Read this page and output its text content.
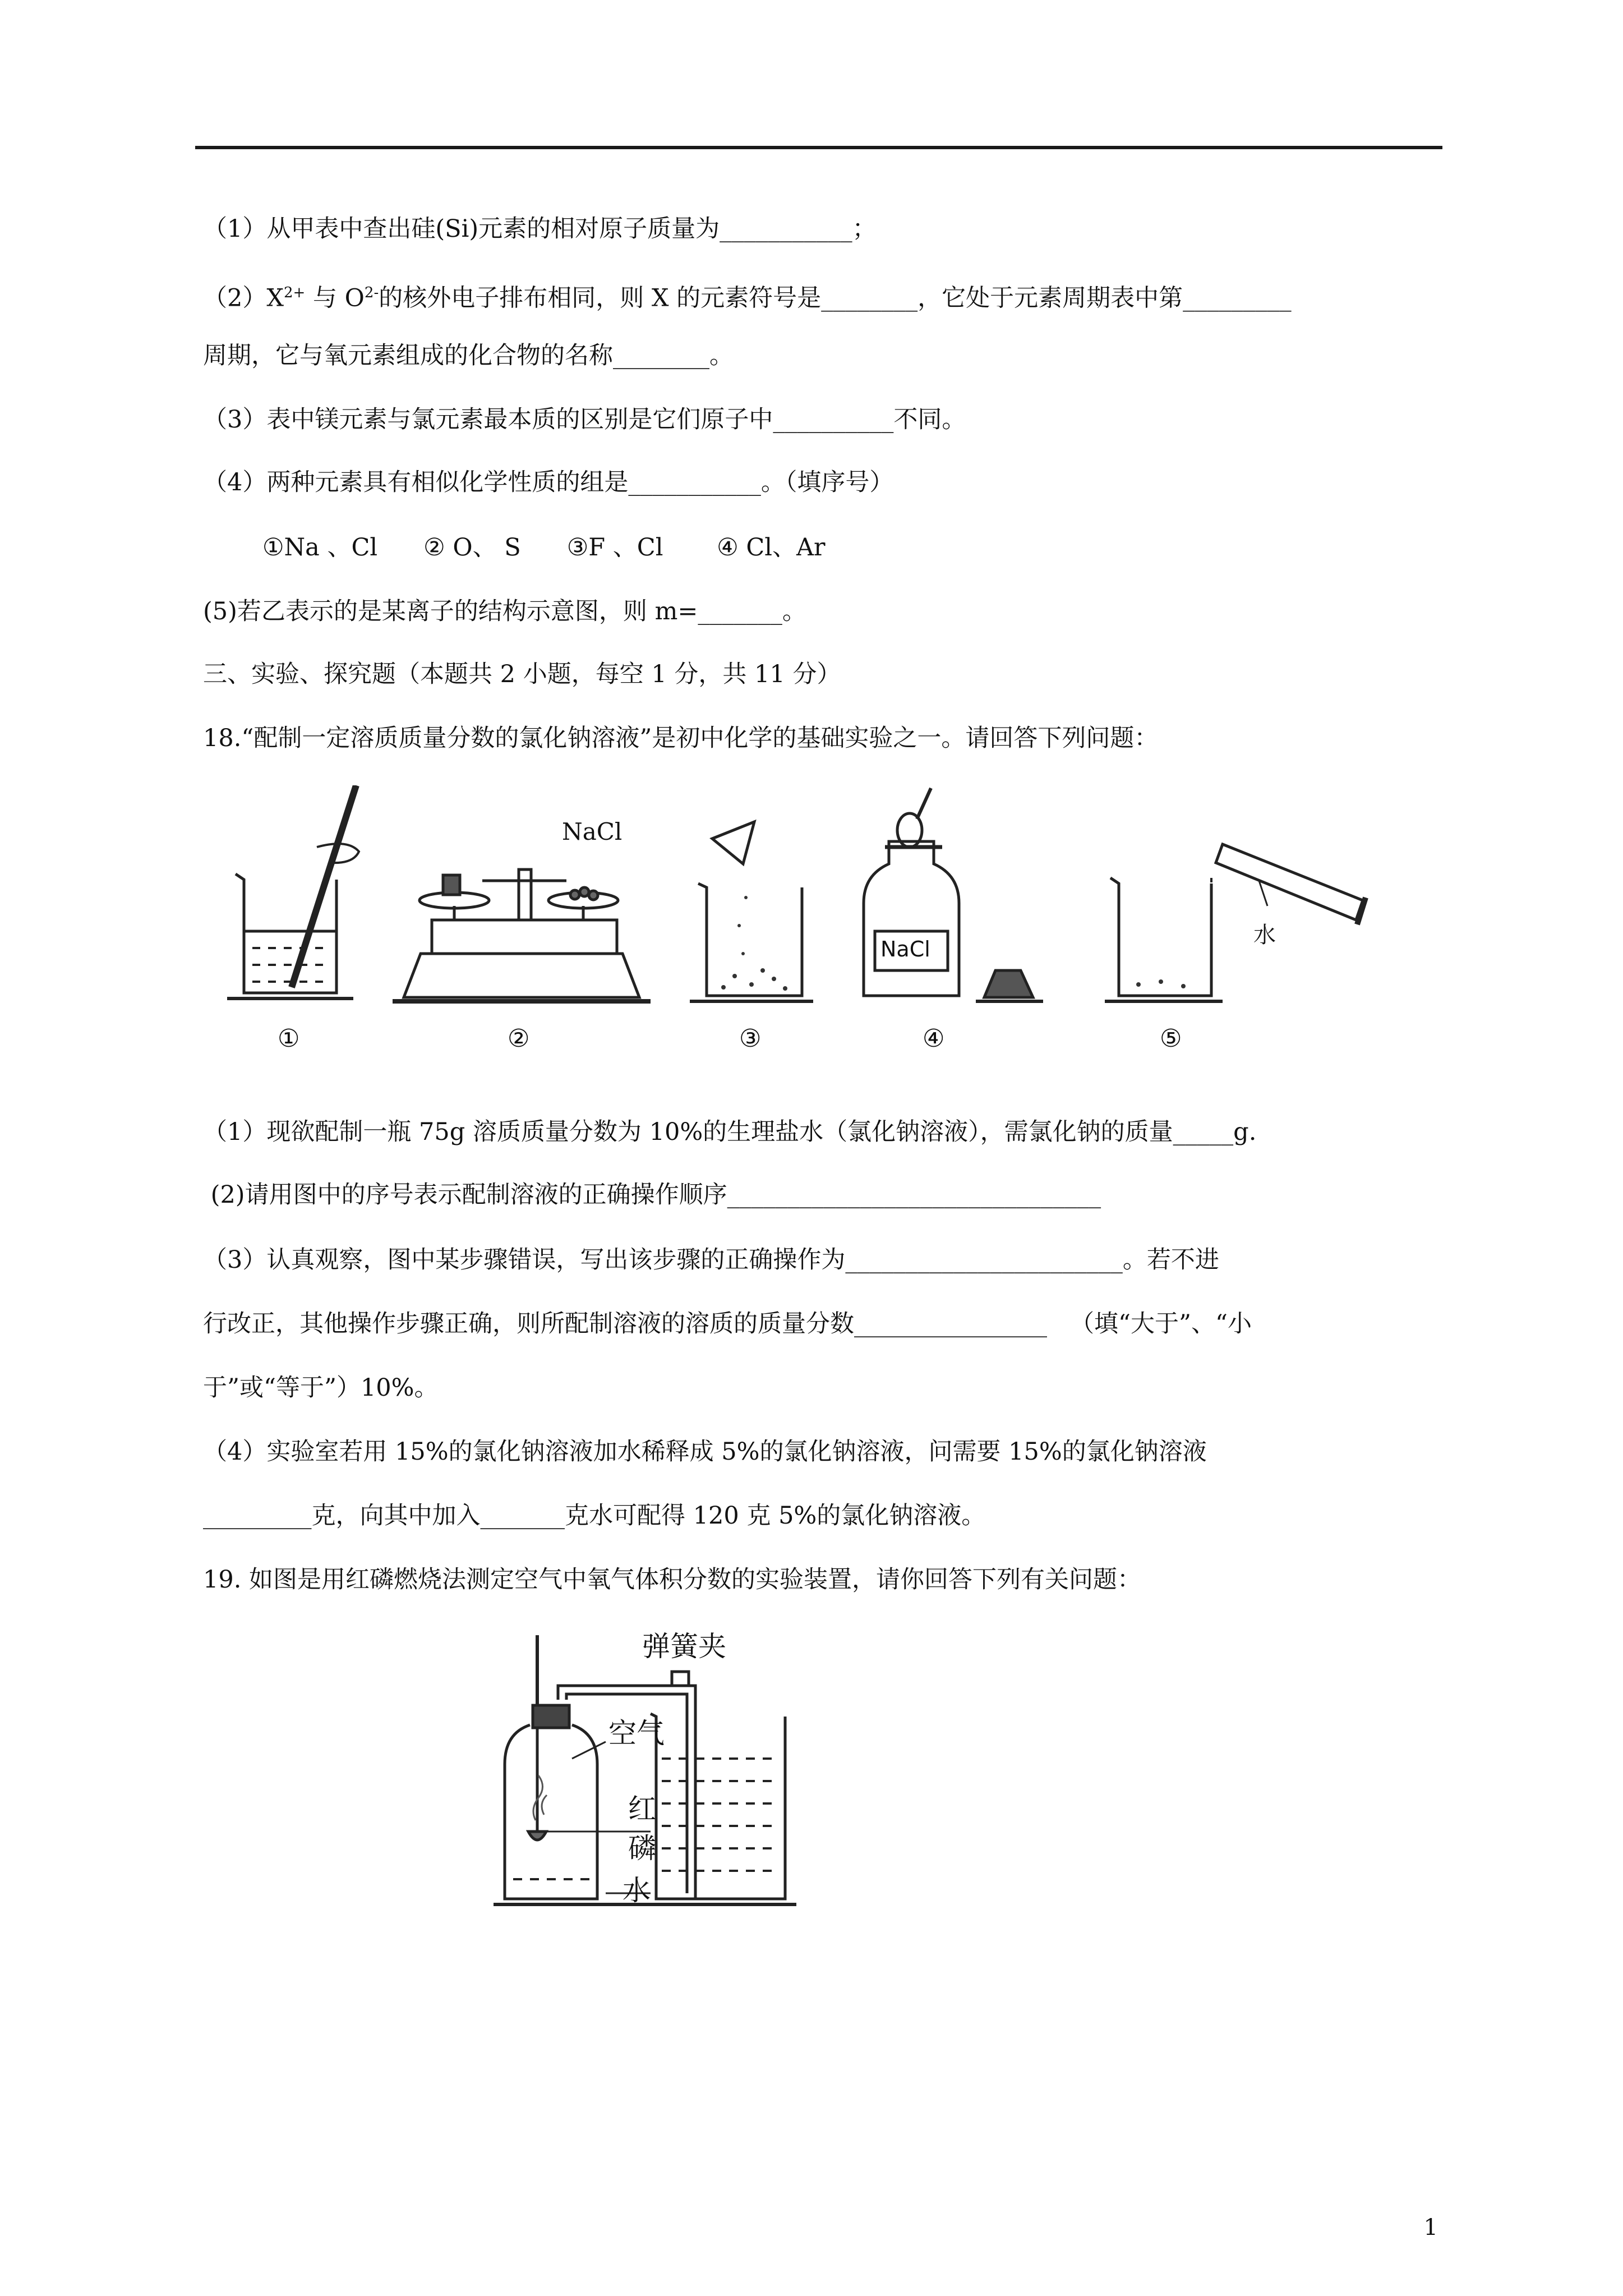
（1）从甲表中查出硅(Si)元素的相对原子质量为___________；
$(2)X^{2+}$ 与 $O^{2-}$的核外电子排布相同，则 X 的元素符号是________，它处于元素周期表中第_________
周期，它与氧元素组成的化合物的名称________。
（3）表中镁元素与氯元素最本质的区别是它们原子中__________不同。
（4）两种元素具有相似化学性质的组是___________。（填序号）
①Na 、Cl      ② O、 S      ③F 、Cl       ④ Cl、Ar
(5)若乙表示的是某离子的结构示意图，则 m=_______。
三、实验、探究题（本题共 2 小题，每空 1 分，共 11 分）
18.“配制一定溶质质量分数的氯化钠溶液”是初中化学的基础实验之一。请回答下列问题：
NaCl
NaCl
水
①	②	③	④	⑤
（1）现欲配制一瓶 75g 溶质质量分数为 10%的生理盐水（氯化钠溶液），需氯化钠的质量_____g.
(2)请用图中的序号表示配制溶液的正确操作顺序_______________________________
（3）认真观察，图中某步骤错误，写出该步骤的正确操作为_______________________。若不进
行改正，其他操作步骤正确，则所配制溶液的溶质的质量分数________________   （填“大于”、“小
于”或“等于”）10%。
（4）实验室若用 15%的氯化钠溶液加水稀释成 5%的氯化钠溶液，问需要 15%的氯化钠溶液
_________克，向其中加入_______克水可配得 120 克 5%的氯化钠溶液。
19. 如图是用红磷燃烧法测定空气中氧气体积分数的实验装置，请你回答下列有关问题：
弹簧夹
空气
红
磷
水
1
